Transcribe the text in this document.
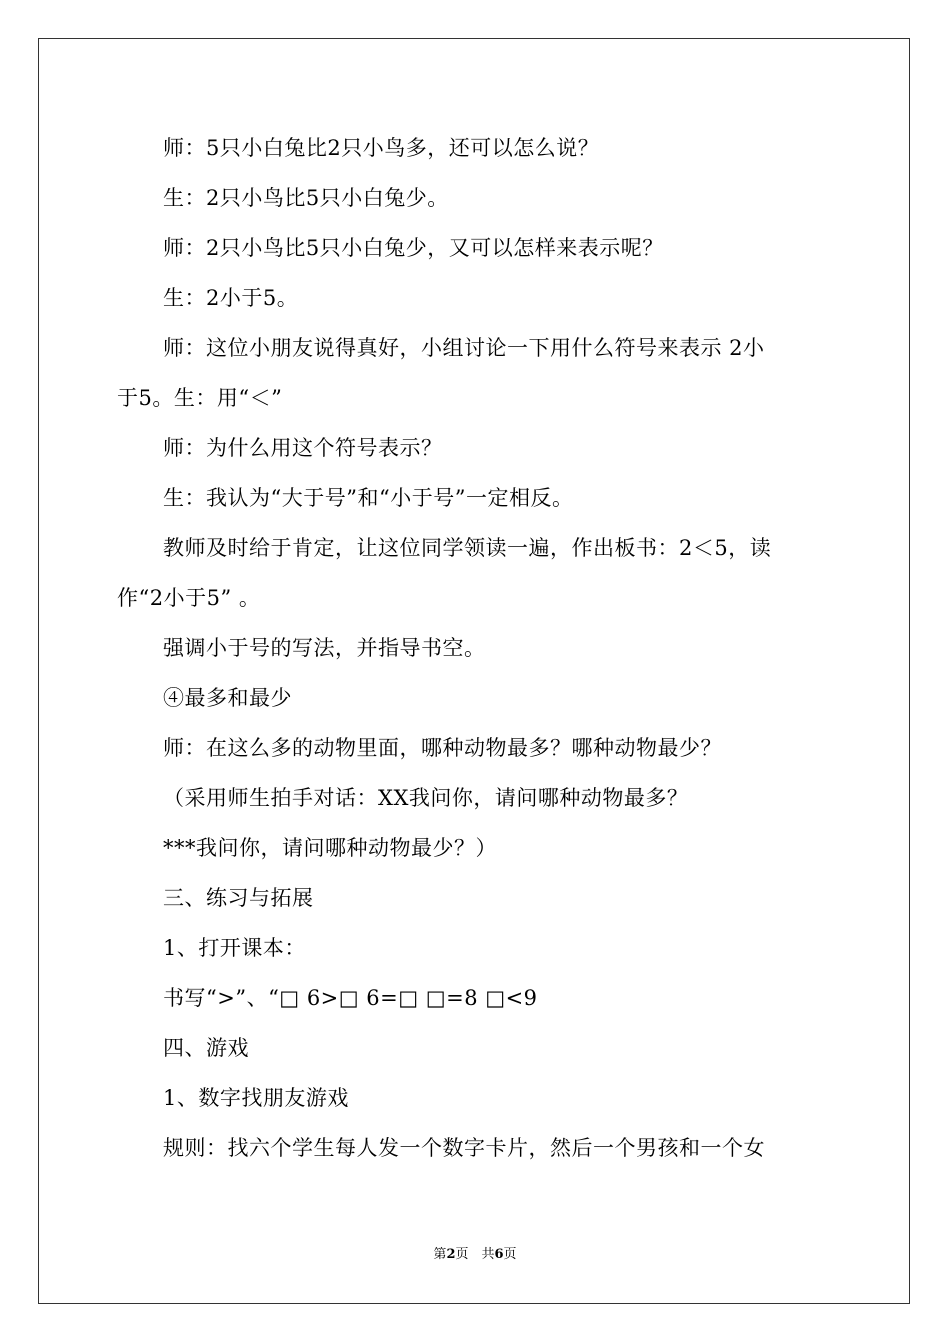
师：5只小白兔比2只小鸟多，还可以怎么说？
生：2只小鸟比5只小白兔少。
师：2只小鸟比5只小白兔少，又可以怎样来表示呢？
生：2小于5。
师：这位小朋友说得真好，小组讨论一下用什么符号来表示 2小
于5。生：用“＜”
师：为什么用这个符号表示？
生：我认为“大于号”和“小于号”一定相反。
教师及时给于肯定，让这位同学领读一遍，作出板书：2＜5，读
作“2小于5” 。
强调小于号的写法，并指导书空。
④最多和最少
师：在这么多的动物里面，哪种动物最多？哪种动物最少？
（采用师生拍手对话：XX我问你，请问哪种动物最多？
***我问你，请问哪种动物最少？）
三、练习与拓展
1、打开课本：
书写“>”、“□ 6>□ 6=□ □=8 □<9
四、游戏
1、数字找朋友游戏
规则：找六个学生每人发一个数字卡片，然后一个男孩和一个女
第2页　共6页
